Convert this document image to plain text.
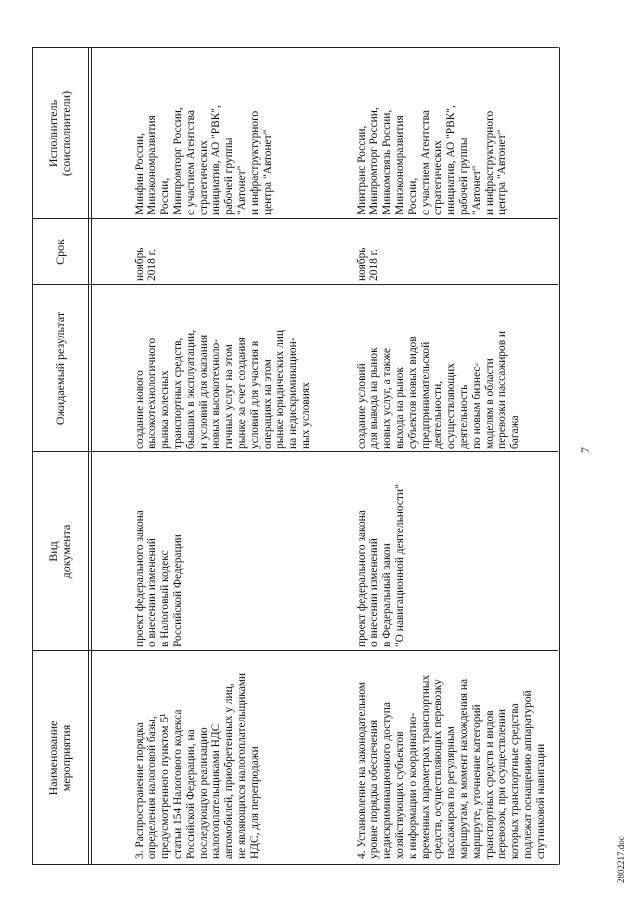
7
2802217.doc
Наименование мероприятия
Вид документа
Ожидаемый результат
Срок
Исполнитель (соисполнители)

3. Распространение порядка определения налоговой базы, предусмотренного пунктом 5¹ статьи 154 Налогового кодекса Российской Федерации, на последующую реализацию налогоплательщиками НДС автомобилей, приобретенных у лиц, не являющихся налогоплательщиками НДС, для перепродажи

проект федерального закона о внесении изменений в Налоговый кодекс Российской Федерации

создание нового высокотехнологичного рынка колесных транспортных средств, бывших в эксплуатации, и условий для оказания новых высокотехноло- гичных услуг на этом рынке за счет создания условий для участия в операциях на этом рынке юридических лиц на недискриминацион- ных условиях

ноябрь 2018 г.

Минфин России, Минэкономразвития России, Минпромторг России, с участием Агентства стратегических инициатив, АО "РВК", рабочей группы "Автонет" и инфраструктурного центра "Автонет"

4. Установление на законодательном уровне порядка обеспечения недискриминационного доступа хозяйствующих субъектов к информации о координатно- временных параметрах транспортных средств, осуществляющих перевозку пассажиров по регулярным маршрутам, в момент нахождения на маршруте, уточнение категорий транспортных средств и видов перевозок, при осуществлении которых транспортные средства подлежат оснащению аппаратурой спутниковой навигации

проект федерального закона о внесении изменений в Федеральный закон "О навигационной деятельности"

создание условий для вывода на рынок новых услуг, а также выхода на рынок субъектов новых видов предпринимательской деятельности, осуществляющих деятельность по новым бизнес- моделям в области перевозки пассажиров и багажа

ноябрь 2018 г.

Минтранс России, Минпромторг России, Минкомсвязь России, Минэкономразвития России, с участием Агентства стратегических инициатив, АО "РВК", рабочей группы "Автонет" и инфраструктурного центра "Автонет"
